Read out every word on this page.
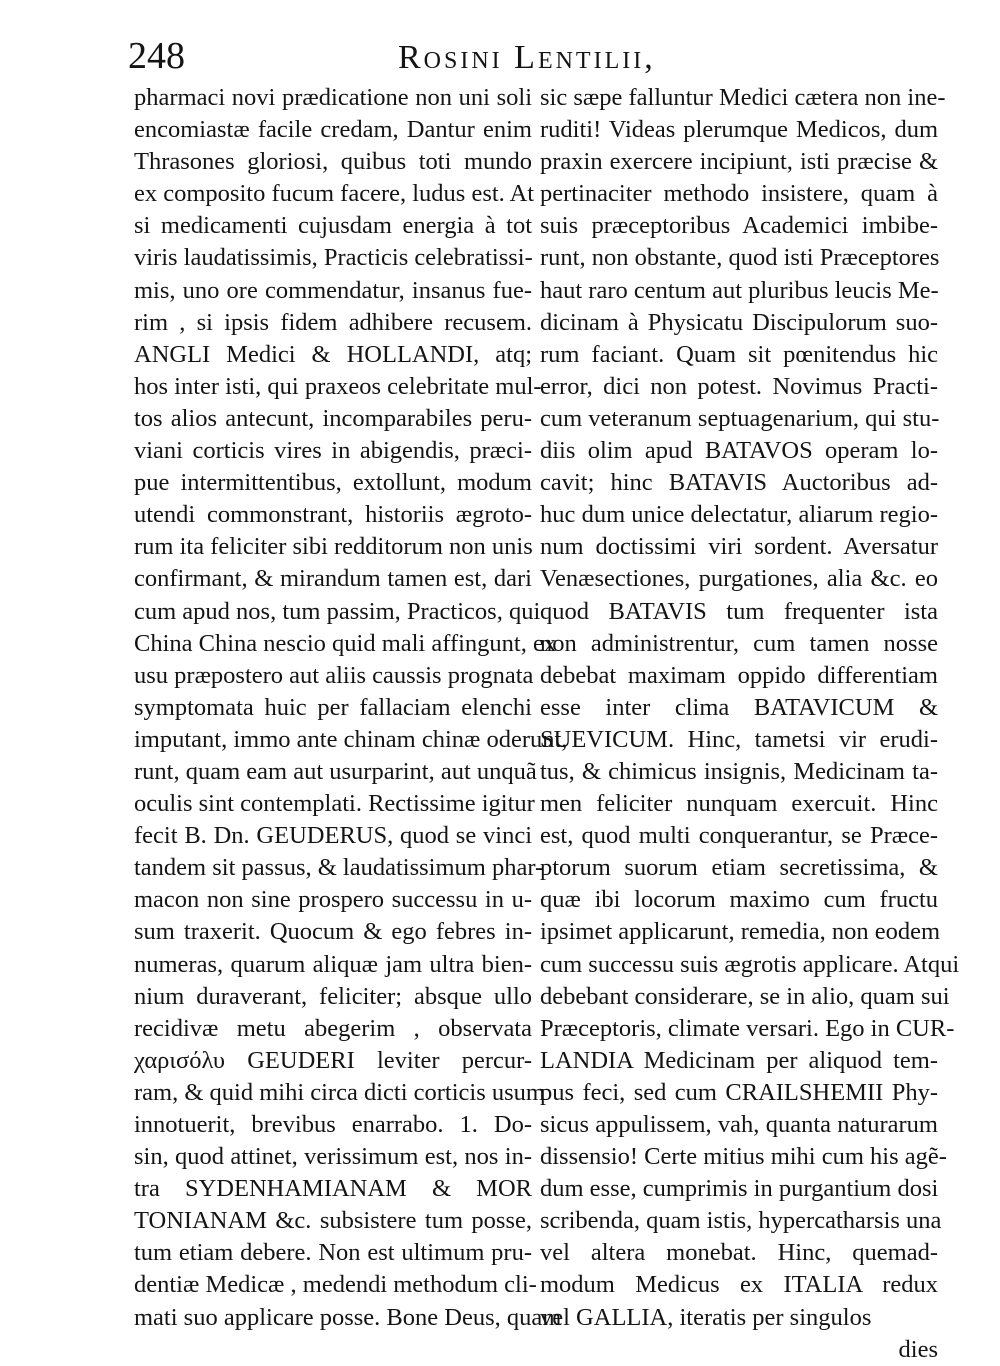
248	Rosini Lentilii,
pharmaci novi prædicatione non uni soli
encomiastæ facile credam, Dantur enim
Thrasones gloriosi, quibus toti mundo
ex composito fucum facere, ludus est. At
si medicamenti cujusdam energia à tot
viris laudatissimis, Practicis celebratissi-
mis, uno ore commendatur, insanus fue-
rim , si ipsis fidem adhibere recusem.
ANGLI Medici & HOLLANDI, atq;
hos inter isti, qui praxeos celebritate mul-
tos alios antecunt, incomparabiles peru-
viani corticis vires in abigendis, præci-
pue intermittentibus, extollunt, modum
utendi commonstrant, historiis ægroto-
rum ita feliciter sibi redditorum non unis
confirmant, & mirandum tamen est, dari
cum apud nos, tum passim, Practicos, qui
China China nescio quid mali affingunt, ex
usu præpostero aut aliis caussis prognata
symptomata huic per fallaciam elenchi
imputant, immo ante chinam chinæ oderunt,
runt, quam eam aut usurparint, aut unquã
oculis sint contemplati. Rectissime igitur
fecit B. Dn. GEUDERUS, quod se vinci
tandem sit passus, & laudatissimum phar-
macon non sine prospero successu in u-
sum traxerit. Quocum & ego febres in-
numeras, quarum aliquæ jam ultra bien-
nium duraverant, feliciter; absque ullo
recidivæ metu abegerim , observata
χαρισόλυ GEUDERI leviter percur-
ram, & quid mihi circa dicti corticis usum
innotuerit, brevibus enarrabo. 1. Do-
sin, quod attinet, verissimum est, nos in-
tra SYDENHAMIANAM & MOR
TONIANAM &c. subsistere tum posse,
tum etiam debere. Non est ultimum pru-
dentiæ Medicæ , medendi methodum cli-
mati suo applicare posse. Bone Deus, quam
sic sæpe falluntur Medici cætera non ine-
ruditi! Videas plerumque Medicos, dum
praxin exercere incipiunt, isti præcise &
pertinaciter methodo insistere, quam à
suis præceptoribus Academici imbibe-
runt, non obstante, quod isti Præceptores
haut raro centum aut pluribus leucis Me-
dicinam à Physicatu Discipulorum suo-
rum faciant. Quam sit pœnitendus hic
error, dici non potest. Novimus Practi-
cum veteranum septuagenarium, qui stu-
diis olim apud BATAVOS operam lo-
cavit; hinc BATAVIS Auctoribus ad-
huc dum unice delectatur, aliarum regio-
num doctissimi viri sordent. Aversatur
Venæsectiones, purgationes, alia &c. eo
quod BATAVIS tum frequenter ista
non administrentur, cum tamen nosse
debebat maximam oppido differentiam
esse inter clima BATAVICUM &
SUEVICUM. Hinc, tametsi vir erudi-
tus, & chimicus insignis, Medicinam ta-
men feliciter nunquam exercuit. Hinc
est, quod multi conquerantur, se Præce-
ptorum suorum etiam secretissima, &
quæ ibi locorum maximo cum fructu
ipsimet applicarunt, remedia, non eodem
cum successu suis ægrotis applicare. Atqui
debebant considerare, se in alio, quam sui
Præceptoris, climate versari. Ego in CUR-
LANDIA Medicinam per aliquod tem-
pus feci, sed cum CRAILSHEMII Phy-
sicus appulissem, vah, quanta naturarum
dissensio! Certe mitius mihi cum his agẽ-
dum esse, cumprimis in purgantium dosi
scribenda, quam istis, hypercatharsis una
vel altera monebat. Hinc, quemad-
modum Medicus ex ITALIA redux
vel GALLIA, iteratis per singulos
dies
